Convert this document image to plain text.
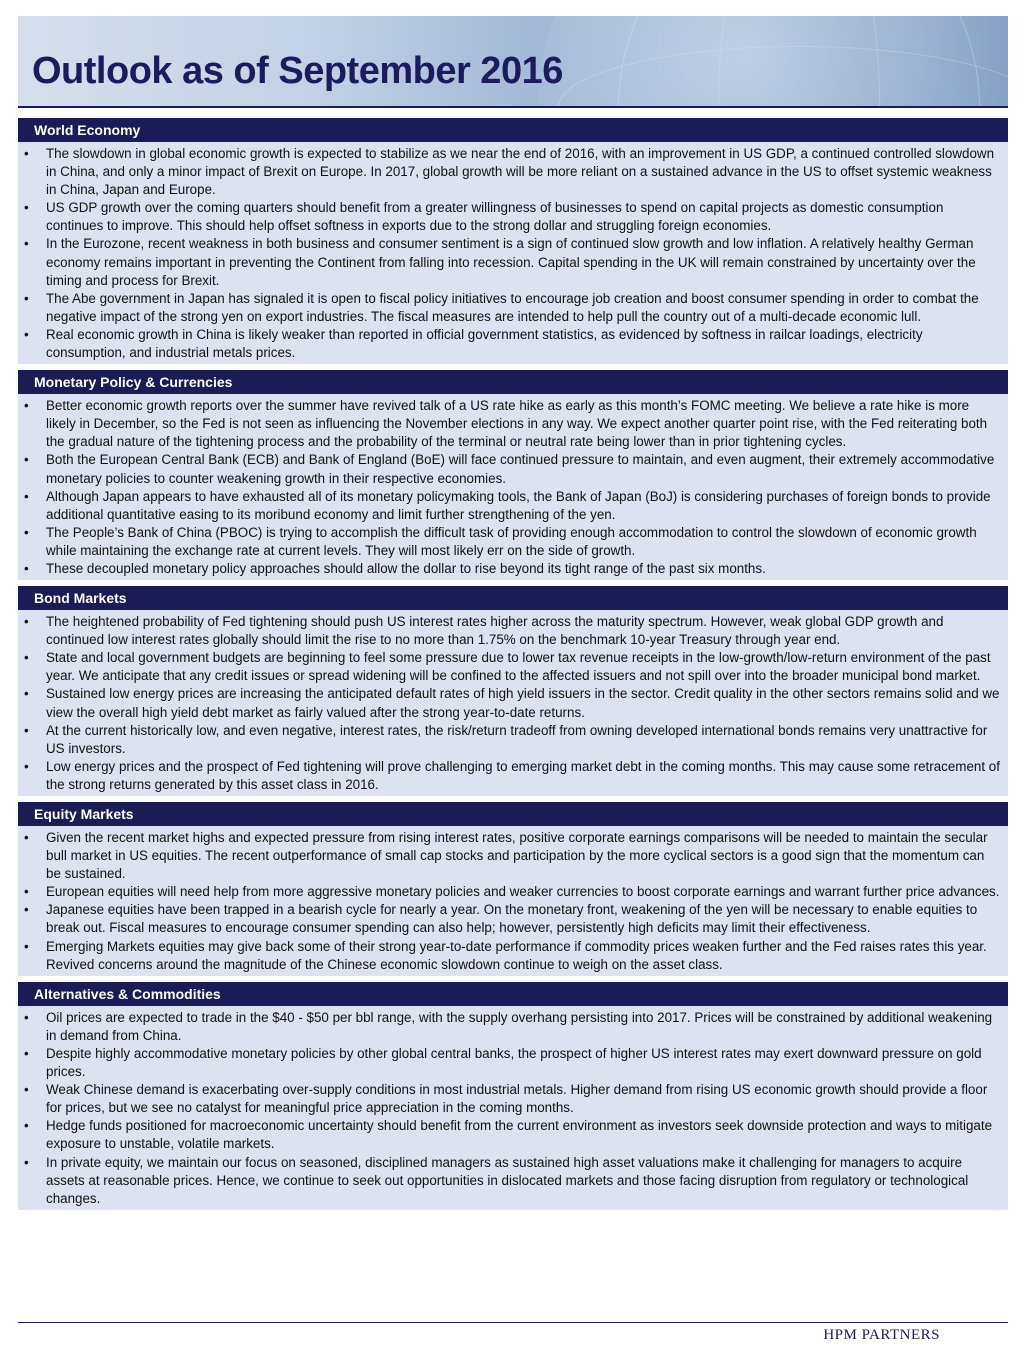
Outlook as of September 2016
World Economy
• The slowdown in global economic growth is expected to stabilize as we near the end of 2016, with an improvement in US GDP, a continued controlled slowdown in China, and only a minor impact of Brexit on Europe. In 2017, global growth will be more reliant on a sustained advance in the US to offset systemic weakness in China, Japan and Europe.
• US GDP growth over the coming quarters should benefit from a greater willingness of businesses to spend on capital projects as domestic consumption continues to improve. This should help offset softness in exports due to the strong dollar and struggling foreign economies.
• In the Eurozone, recent weakness in both business and consumer sentiment is a sign of continued slow growth and low inflation. A relatively healthy German economy remains important in preventing the Continent from falling into recession. Capital spending in the UK will remain constrained by uncertainty over the timing and process for Brexit.
• The Abe government in Japan has signaled it is open to fiscal policy initiatives to encourage job creation and boost consumer spending in order to combat the negative impact of the strong yen on export industries. The fiscal measures are intended to help pull the country out of a multi-decade economic lull.
• Real economic growth in China is likely weaker than reported in official government statistics, as evidenced by softness in railcar loadings, electricity consumption, and industrial metals prices.
Monetary Policy & Currencies
• Better economic growth reports over the summer have revived talk of a US rate hike as early as this month’s FOMC meeting. We believe a rate hike is more likely in December, so the Fed is not seen as influencing the November elections in any way. We expect another quarter point rise, with the Fed reiterating both the gradual nature of the tightening process and the probability of the terminal or neutral rate being lower than in prior tightening cycles.
• Both the European Central Bank (ECB) and Bank of England (BoE) will face continued pressure to maintain, and even augment, their extremely accommodative monetary policies to counter weakening growth in their respective economies.
• Although Japan appears to have exhausted all of its monetary policymaking tools, the Bank of Japan (BoJ) is considering purchases of foreign bonds to provide additional quantitative easing to its moribund economy and limit further strengthening of the yen.
• The People’s Bank of China (PBOC) is trying to accomplish the difficult task of providing enough accommodation to control the slowdown of economic growth while maintaining the exchange rate at current levels. They will most likely err on the side of growth.
• These decoupled monetary policy approaches should allow the dollar to rise beyond its tight range of the past six months.
Bond Markets
• The heightened probability of Fed tightening should push US interest rates higher across the maturity spectrum. However, weak global GDP growth and continued low interest rates globally should limit the rise to no more than 1.75% on the benchmark 10-year Treasury through year end.
• State and local government budgets are beginning to feel some pressure due to lower tax revenue receipts in the low-growth/low-return environment of the past year. We anticipate that any credit issues or spread widening will be confined to the affected issuers and not spill over into the broader municipal bond market.
• Sustained low energy prices are increasing the anticipated default rates of high yield issuers in the sector. Credit quality in the other sectors remains solid and we view the overall high yield debt market as fairly valued after the strong year-to-date returns.
• At the current historically low, and even negative, interest rates, the risk/return tradeoff from owning developed international bonds remains very unattractive for US investors.
• Low energy prices and the prospect of Fed tightening will prove challenging to emerging market debt in the coming months. This may cause some retracement of the strong returns generated by this asset class in 2016.
Equity Markets
• Given the recent market highs and expected pressure from rising interest rates, positive corporate earnings comparisons will be needed to maintain the secular bull market in US equities. The recent outperformance of small cap stocks and participation by the more cyclical sectors is a good sign that the momentum can be sustained.
• European equities will need help from more aggressive monetary policies and weaker currencies to boost corporate earnings and warrant further price advances.
• Japanese equities have been trapped in a bearish cycle for nearly a year. On the monetary front, weakening of the yen will be necessary to enable equities to break out. Fiscal measures to encourage consumer spending can also help; however, persistently high deficits may limit their effectiveness.
• Emerging Markets equities may give back some of their strong year-to-date performance if commodity prices weaken further and the Fed raises rates this year. Revived concerns around the magnitude of the Chinese economic slowdown continue to weigh on the asset class.
Alternatives & Commodities
• Oil prices are expected to trade in the $40 - $50 per bbl range, with the supply overhang persisting into 2017. Prices will be constrained by additional weakening in demand from China.
• Despite highly accommodative monetary policies by other global central banks, the prospect of higher US interest rates may exert downward pressure on gold prices.
• Weak Chinese demand is exacerbating over-supply conditions in most industrial metals. Higher demand from rising US economic growth should provide a floor for prices, but we see no catalyst for meaningful price appreciation in the coming months.
• Hedge funds positioned for macroeconomic uncertainty should benefit from the current environment as investors seek downside protection and ways to mitigate exposure to unstable, volatile markets.
• In private equity, we maintain our focus on seasoned, disciplined managers as sustained high asset valuations make it challenging for managers to acquire assets at reasonable prices. Hence, we continue to seek out opportunities in dislocated markets and those facing disruption from regulatory or technological changes.
HPM PARTNERS
